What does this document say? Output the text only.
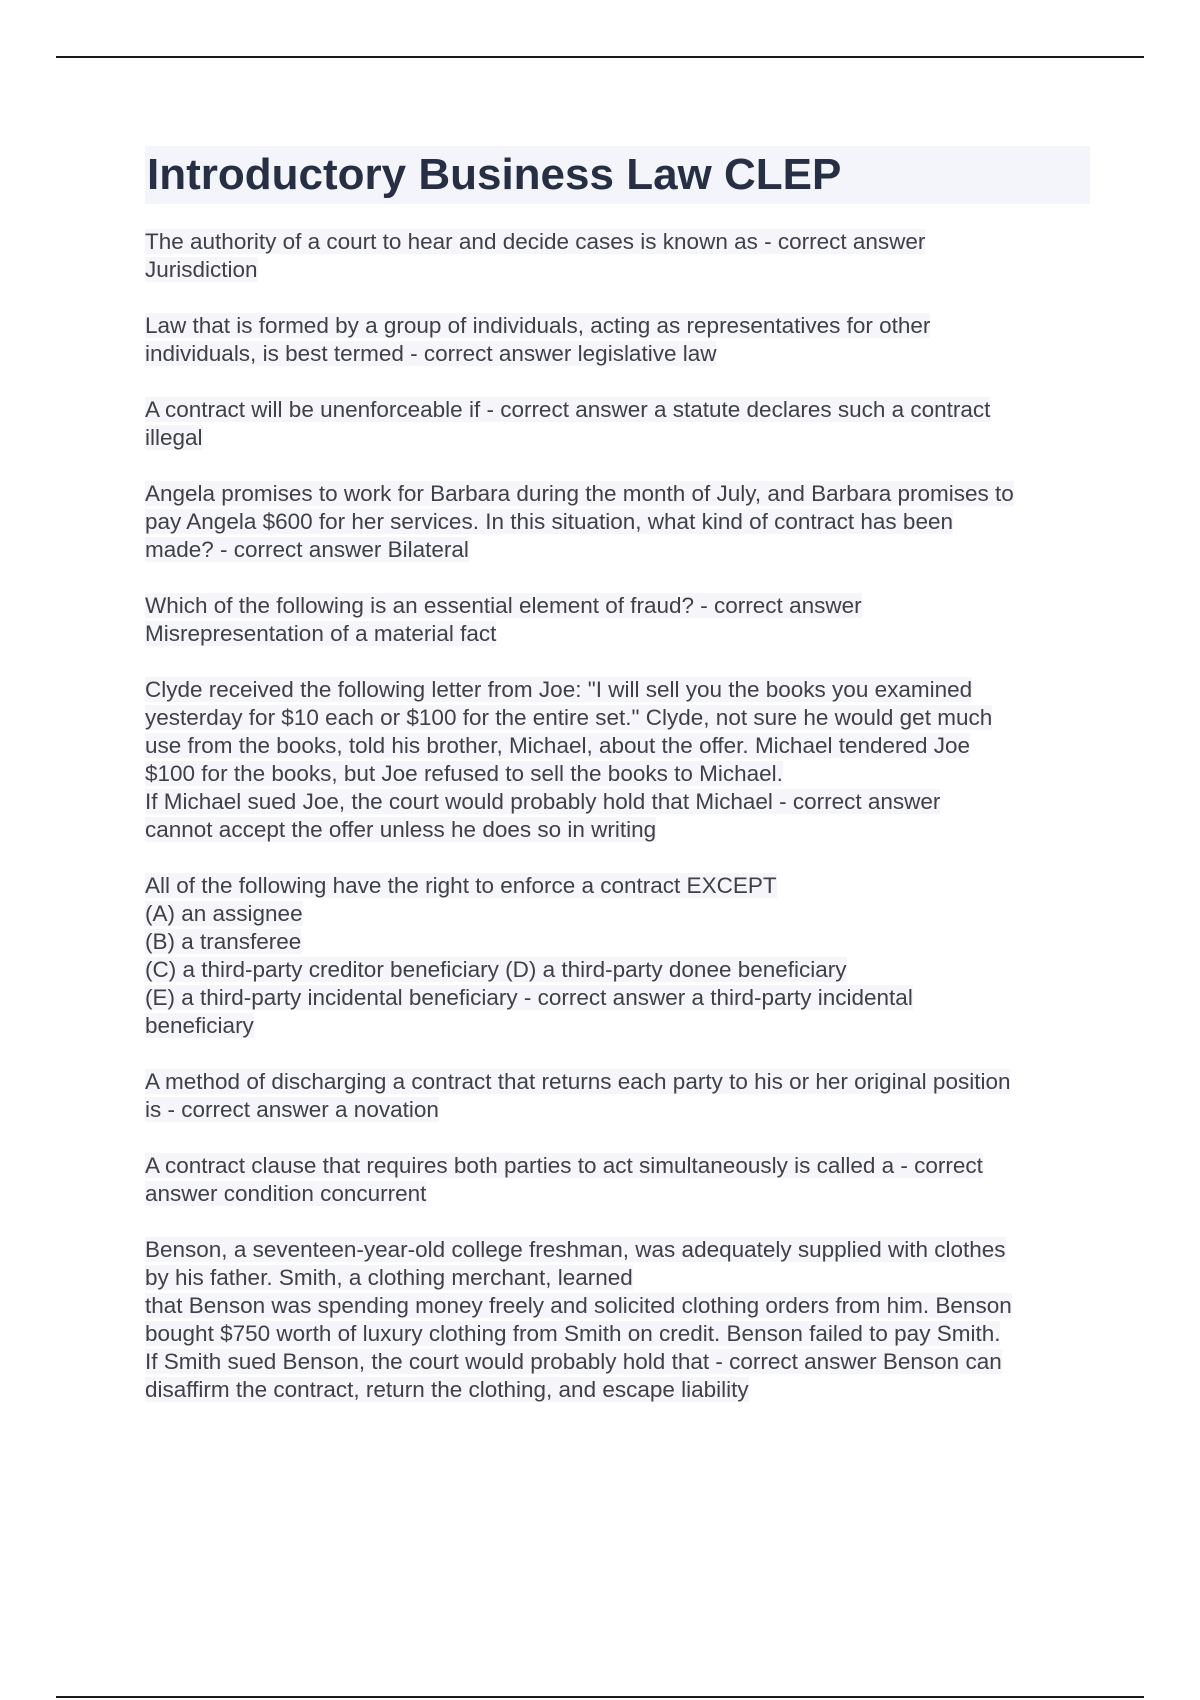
Introductory Business Law CLEP

The authority of a court to hear and decide cases is known as - correct answer
Jurisdiction

Law that is formed by a group of individuals, acting as representatives for other
individuals, is best termed - correct answer legislative law

A contract will be unenforceable if - correct answer a statute declares such a contract
illegal

Angela promises to work for Barbara during the month of July, and Barbara promises to
pay Angela $600 for her services. In this situation, what kind of contract has been
made? - correct answer Bilateral

Which of the following is an essential element of fraud? - correct answer
Misrepresentation of a material fact

Clyde received the following letter from Joe: "I will sell you the books you examined
yesterday for $10 each or $100 for the entire set." Clyde, not sure he would get much
use from the books, told his brother, Michael, about the offer. Michael tendered Joe
$100 for the books, but Joe refused to sell the books to Michael.
If Michael sued Joe, the court would probably hold that Michael - correct answer
cannot accept the offer unless he does so in writing

All of the following have the right to enforce a contract EXCEPT
(A) an assignee
(B) a transferee
(C) a third-party creditor beneficiary (D) a third-party donee beneficiary
(E) a third-party incidental beneficiary - correct answer a third-party incidental
beneficiary

A method of discharging a contract that returns each party to his or her original position
is - correct answer a novation

A contract clause that requires both parties to act simultaneously is called a - correct
answer condition concurrent

Benson, a seventeen-year-old college freshman, was adequately supplied with clothes
by his father. Smith, a clothing merchant, learned
that Benson was spending money freely and solicited clothing orders from him. Benson
bought $750 worth of luxury clothing from Smith on credit. Benson failed to pay Smith.
If Smith sued Benson, the court would probably hold that - correct answer Benson can
disaffirm the contract, return the clothing, and escape liability
